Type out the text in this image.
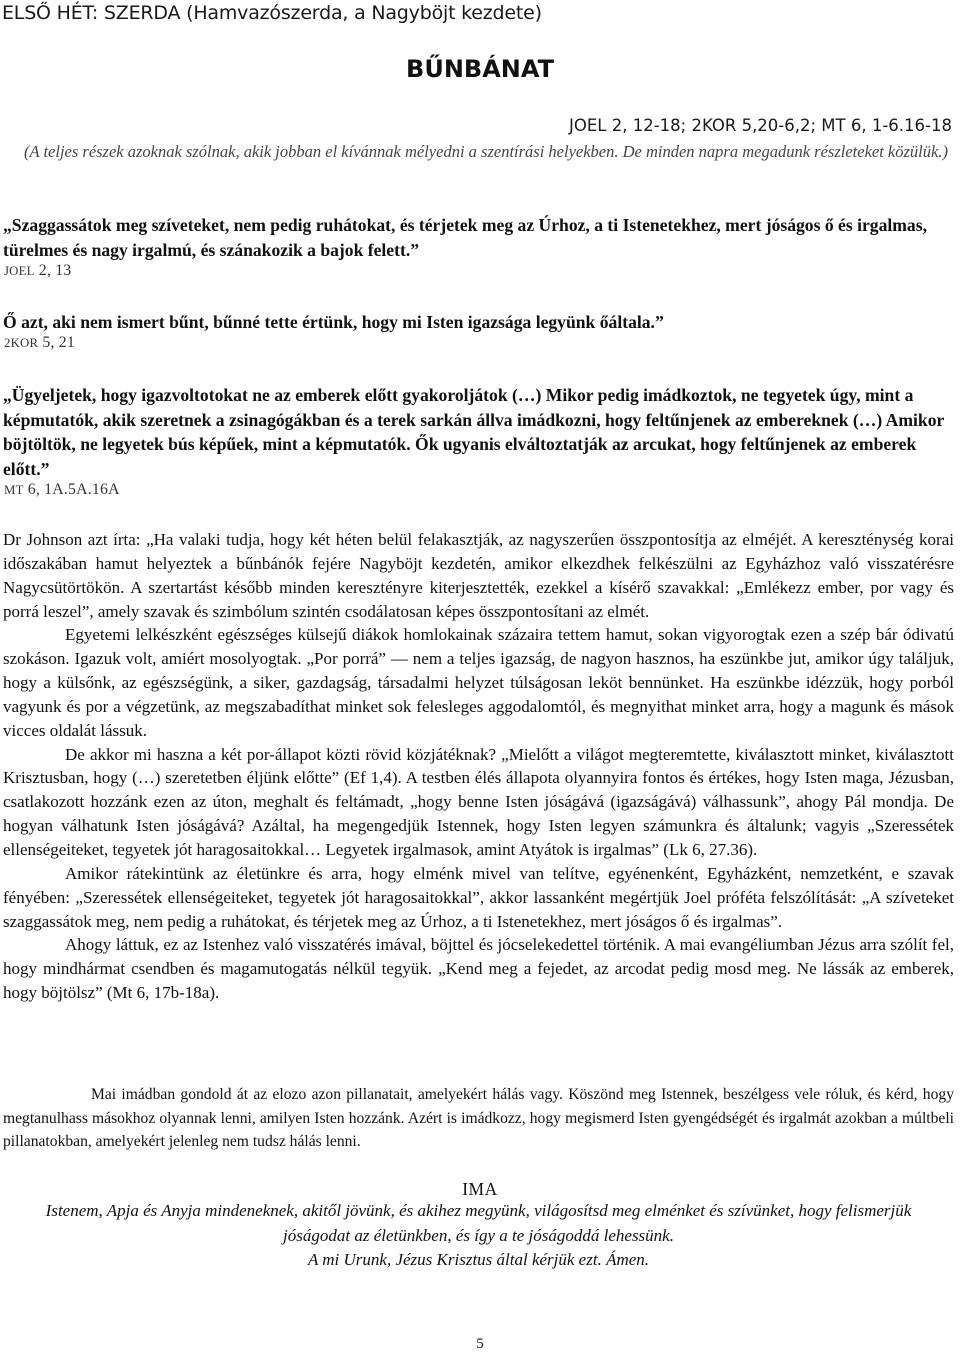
ELSŐ HÉT: SZERDA (Hamvazószerda, a Nagyböjt kezdete)
BŰNBÁNAT
JOEL 2, 12-18; 2KOR 5,20-6,2; MT 6, 1-6.16-18
(A teljes részek azoknak szólnak, akik jobban el kívánnak mélyedni a szentírási helyekben. De minden napra megadunk részleteket közülük.)
„Szaggassátok meg szíveteket, nem pedig ruhátokat, és térjetek meg az Úrhoz, a ti Istenetekhez, mert jóságos ő és irgalmas, türelmes és nagy irgalmú, és szánakozik a bajok felett.”
JOEL 2, 13
Ő azt, aki nem ismert bűnt, bűnné tette értünk, hogy mi Isten igazsága legyünk őáltala.”
2KOR 5, 21
„Ügyeljetek, hogy igazvoltotokat ne az emberek előtt gyakoroljátok (…) Mikor pedig imádkoztok, ne tegyetek úgy, mint a képmutatók, akik szeretnek a zsinagógákban és a terek sarkán állva imádkozni, hogy feltűnjenek az embereknek (…) Amikor böjtöltök, ne legyetek bús képűek, mint a képmutatók. Ők ugyanis elváltoztatják az arcukat, hogy feltűnjenek az emberek előtt.”
MT 6, 1A.5A.16A

Dr Johnson azt írta: „Ha valaki tudja, hogy két héten belül felakasztják, az nagyszerűen összpontosítja az elméjét. A kereszténység korai időszakában hamut helyeztek a bűnbánók fejére Nagyböjt kezdetén, amikor elkezdhek felkészülni az Egyházhoz való visszatérésre Nagycsütörtökön. A szertartást később minden keresztényre kiterjesztették, ezekkel a kísérő szavakkal: „Emlékezz ember, por vagy és porrá leszel”, amely szavak és szimbólum szintén csodálatosan képes összpontosítani az elmét.

Egyetemi lelkészként egészséges külsejű diákok homlokainak százaira tettem hamut, sokan vigyorogtak ezen a szép bár ódivatú szokáson. Igazuk volt, amiért mosolyogtak. „Por porrá” — nem a teljes igazság, de nagyon hasznos, ha eszünkbe jut, amikor úgy találjuk, hogy a külsőnk, az egészségünk, a siker, gazdagság, társadalmi helyzet túlságosan leköt bennünket. Ha eszünkbe idézzük, hogy porból vagyunk és por a végzetünk, az megszabadíthat minket sok felesleges aggodalomtól, és megnyithat minket arra, hogy a magunk és mások vicces oldalát lássuk.

De akkor mi haszna a két por-állapot közti rövid közjátéknak? „Mielőtt a világot megteremtette, kiválasztott minket, kiválasztott Krisztusban, hogy (…) szeretetben éljünk előtte” (Ef 1,4). A testben élés állapota olyannyira fontos és értékes, hogy Isten maga, Jézusban, csatlakozott hozzánk ezen az úton, meghalt és feltámadt, „hogy benne Isten jóságává (igazságává) válhassunk”, ahogy Pál mondja. De hogyan válhatunk Isten jóságává? Azáltal, ha megengedjük Istennek, hogy Isten legyen számunkra és általunk; vagyis „Szeressétek ellenségeiteket, tegyetek jót haragosaitokkal… Legyetek irgalmasok, amint Atyátok is irgalmas” (Lk 6, 27.36).

Amikor rátekintünk az életünkre és arra, hogy elménk mivel van telítve, egyénenként, Egyházként, nemzetként, e szavak fényében: „Szeressétek ellenségeiteket, tegyetek jót haragosaitokkal”, akkor lassanként megértjük Joel próféta felszólítását: „A szíveteket szaggassátok meg, nem pedig a ruhátokat, és térjetek meg az Úrhoz, a ti Istenetekhez, mert jóságos ő és irgalmas”.

Ahogy láttuk, ez az Istenhez való visszatérés imával, böjttel és jócselekedettel történik. A mai evangéliumban Jézus arra szólít fel, hogy mindhármat csendben és magamutogatás nélkül tegyük. „Kend meg a fejedet, az arcodat pedig mosd meg. Ne lássák az emberek, hogy böjtölsz” (Mt 6, 17b-18a).

Mai imádban gondold át az elozo azon pillanatait, amelyekért hálás vagy. Köszönd meg Istennek, beszélgess vele róluk, és kérd, hogy megtanulhass másokhoz olyannak lenni, amilyen Isten hozzánk. Azért is imádkozz, hogy megismerd Isten gyengédségét és irgalmát azokban a múltbeli pillanatokban, amelyekért jelenleg nem tudsz hálás lenni.

IMA
Istenem, Apja és Anyja mindeneknek, akitől jövünk, és akihez megyünk, világosítsd meg elménket és szívünket, hogy felismerjük
jóságodat az életünkben, és így a te jóságoddá lehessünk.
A mi Urunk, Jézus Krisztus által kérjük ezt. Ámen.
5
